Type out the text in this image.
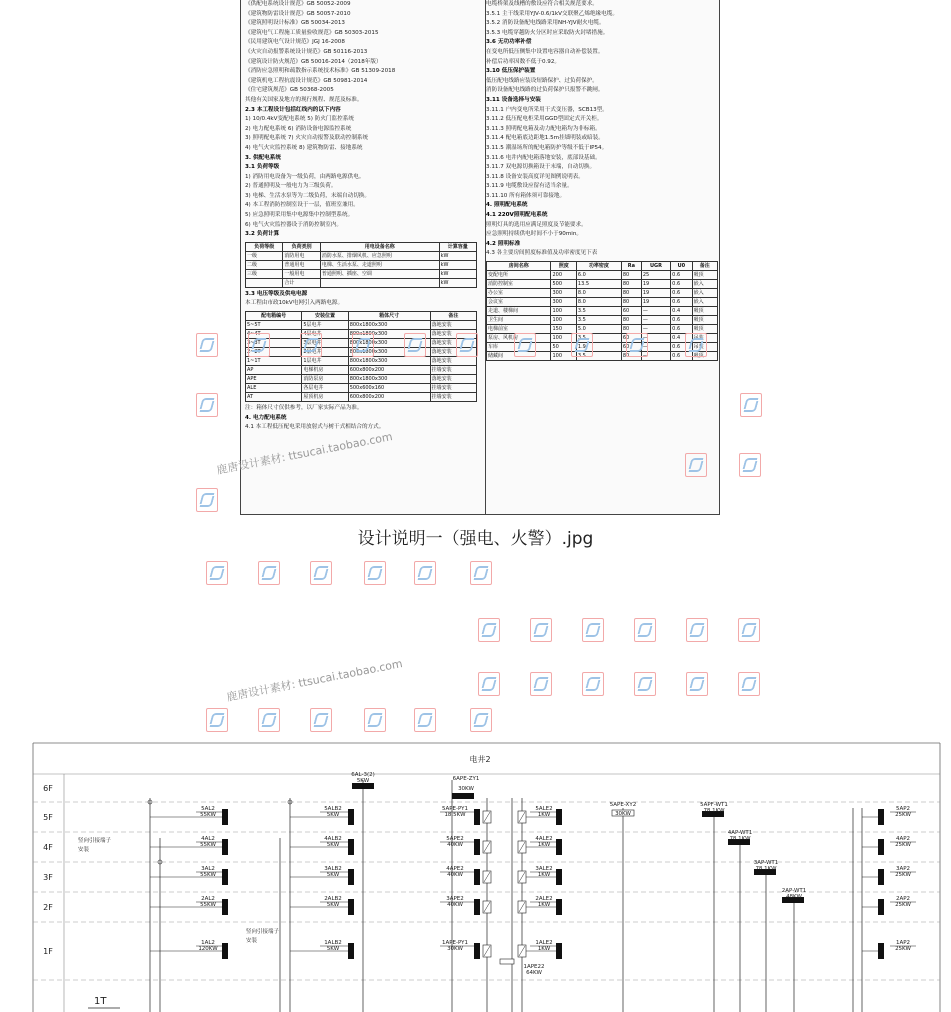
《供配电系统设计规范》GB 50052-2009
《建筑物防雷设计规范》GB 50057-2010
《建筑照明设计标准》GB 50034-2013
《建筑电气工程施工质量验收规范》GB 50303-2015
《民用建筑电气设计规范》JGJ 16-2008
《火灾自动报警系统设计规范》GB 50116-2013
《建筑设计防火规范》GB 50016-2014（2018年版）
《消防应急照明和疏散指示系统技术标准》GB 51309-2018
《建筑机电工程抗震设计规范》GB 50981-2014
《住宅建筑规范》GB 50368-2005
其他有关国家及地方的现行规程、规范及标准。
2.3 本工程设计包括红线内的以下内容
1) 10/0.4kV变配电系统 5) 防火门监控系统
2) 电力配电系统 6) 消防设备电源监控系统
3) 照明配电系统 7) 火灾自动报警及联动控制系统
4) 电气火灾监控系统 8) 建筑物防雷、接地系统
3. 供配电系统
3.1 负荷等级
1) 消防用电设备为一级负荷，由两路电源供电。
2) 普通照明及一般电力为三级负荷。
3) 电梯、生活水泵等为二级负荷，末端自动切换。
4) 本工程消防控制室设于一层，值班室兼用。
5) 应急照明采用集中电源集中控制型系统。
6) 电气火灾监控器设于消防控制室内。
3.2 负荷计算
负荷等级	负荷类别	用电设备名称	计算容量
一级	消防用电	消防水泵、排烟风机、应急照明	kW
二级	普通用电	电梯、生活水泵、走道照明	kW
三级	一般用电	普通照明、插座、空调	kW
	合计		kW
3.3 电压等级及供电电源
本工程由市政10kV电网引入两路电源。
配电箱编号	安装位置	箱体尺寸	备注
5~5T	5层电井	800x1800x300	落地安装
4~4T	4层电井	800x1800x300	落地安装
3~3T	3层电井	800x1800x300	落地安装
2~2T	2层电井	800x1800x300	落地安装
1~1T	1层电井	800x1800x300	落地安装
AP	电梯机房	600x800x200	挂墙安装
APE	消防泵房	800x1800x300	落地安装
ALE	各层电井	500x600x160	挂墙安装
AT	屋顶机房	600x800x200	挂墙安装
注：箱体尺寸仅供参考，以厂家实际产品为准。
4. 电力配电系统
4.1 本工程低压配电采用放射式与树干式相结合的方式。
电缆桥架及线槽的敷设应符合相关规范要求。
3.5.1 主干线采用YJV-0.6/1kV交联聚乙烯绝缘电缆。
3.5.2 消防设备配电线路采用NH-YJV耐火电缆。
3.5.3 电缆穿越防火分区时应采取防火封堵措施。
3.6 无功功率补偿
在变电所低压侧集中设置电容器自动补偿装置。
补偿后功率因数不低于0.92。
3.10 低压保护装置
低压配电线路应装设短路保护、过负荷保护。
消防设备配电线路的过负荷保护只报警不跳闸。
3.11 设备选择与安装
3.11.1 户内变电所采用干式变压器，SCB13型。
3.11.2 低压配电柜采用GGD型固定式开关柜。
3.11.3 照明配电箱及动力配电箱均为非标箱。
3.11.4 配电箱底边距地1.5m挂墙明装或暗装。
3.11.5 潮湿场所的配电箱防护等级不低于IP54。
3.11.6 电井内配电箱落地安装，底部设基础。
3.11.7 双电源切换箱设于末端，自动切换。
3.11.8 设备安装高度详见图例说明表。
3.11.9 电缆敷设应留有适当余量。
3.11.10 所有箱体须可靠接地。
4. 照明配电系统
4.1 220V照明配电系统
照明灯具的选用应满足照度及节能要求。
应急照明持续供电时间不小于90min。
4.2 照明标准
4.3 各主要房间照度标准值及功率密度见下表
房间名称	照度	功率密度	Ra	UGR	U0	备注
变配电所	200	6.0	80	25	0.6	吸顶
消防控制室	500	13.5	80	19	0.6	嵌入
办公室	300	8.0	80	19	0.6	嵌入
会议室	300	8.0	80	19	0.6	嵌入
走道、楼梯间	100	3.5	60	—	0.4	吸顶
卫生间	100	3.5	80	—	0.6	吸顶
电梯前室	150	5.0	80	—	0.6	吸顶
泵房、风机房	100	3.5	60	—	0.4	吊装
车库	50	1.9	60	—	0.6	吊装
储藏间	100	3.5	80	—	0.6	吸顶
设计说明一（强电、火警）.jpg
鹿唐设计素材: ttsucai.taobao.com
鹿唐设计素材: ttsucai.taobao.com
电井2
6F
5F
4F
3F
2F
1F
1T
竖向引接端子
安装
5AL2
55KW
4AL2
55KW
3AL2
55KW
2AL2
55KW
1AL2
120KW
竖向引接端子
安装
5ALB2
5KW
4ALB2
5KW
3ALB2
5KW
2ALB2
5KW
1ALB2
5KW
6AL-3(2)
5KW	6APE-ZY1
30KW
5APE-PY1
18.5KW
5APE2
40KW
4APE2
40KW
3APE2
40KW
1APE-PY1
30KW
5ALE2
1KW
4ALE2
1KW
3ALE2
1KW
2ALE2
1KW
1ALE2
1KW
1APE22
64KW
5APE-XY2
30KW
5APF-WT1
78.1KW
4AP-WT1
78.1KW
3AP-WT1
78.1KW
2AP-WT1
48KW
5AP2
25KW
4AP2
25KW
3AP2
25KW
2AP2
25KW
1AP2
25KW
